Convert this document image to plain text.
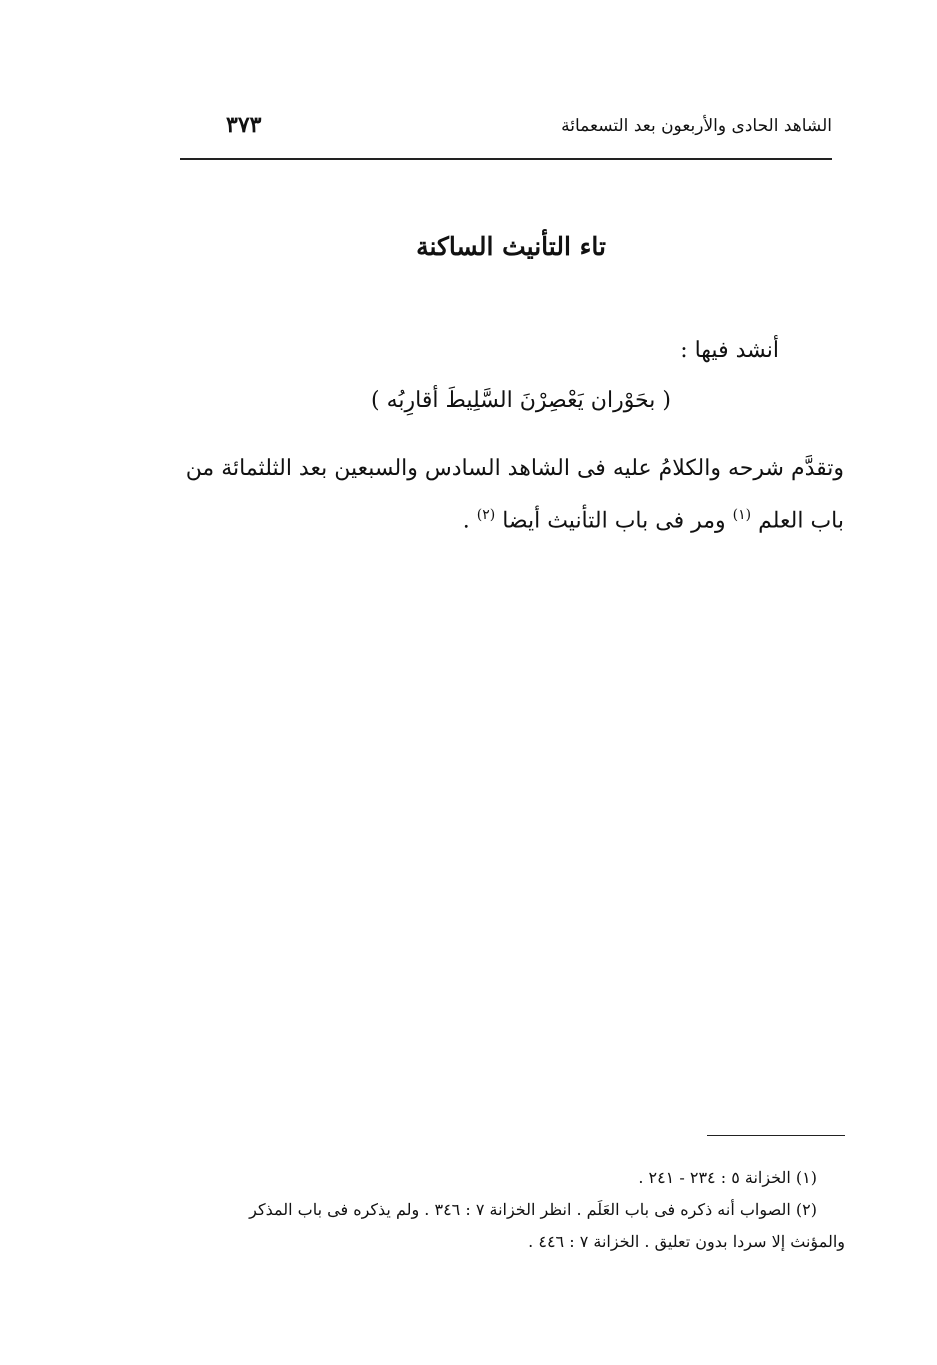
الشاهد الحادى والأربعون بعد التسعمائة
٣٧٣
تاء التأنيث الساكنة
أنشد فيها :
( بحَوْران يَعْصِرْنَ السَّلِيطَ أقارِبُه )
وتقدَّم شرحه والكلامُ عليه فى الشاهد السادس والسبعين بعد الثلثمائة من
باب العلم $^{(١)}$ ومر فى باب التأنيث أيضا $^{(٢)}$ .
(١) الخزانة ٥ : ٢٣٤ - ٢٤١ .
(٢) الصواب أنه ذكره فى باب العَلَم . انظر الخزانة ٧ : ٣٤٦ . ولم يذكره فى باب المذكر
والمؤنث إلا سردا بدون تعليق . الخزانة ٧ : ٤٤٦ .
